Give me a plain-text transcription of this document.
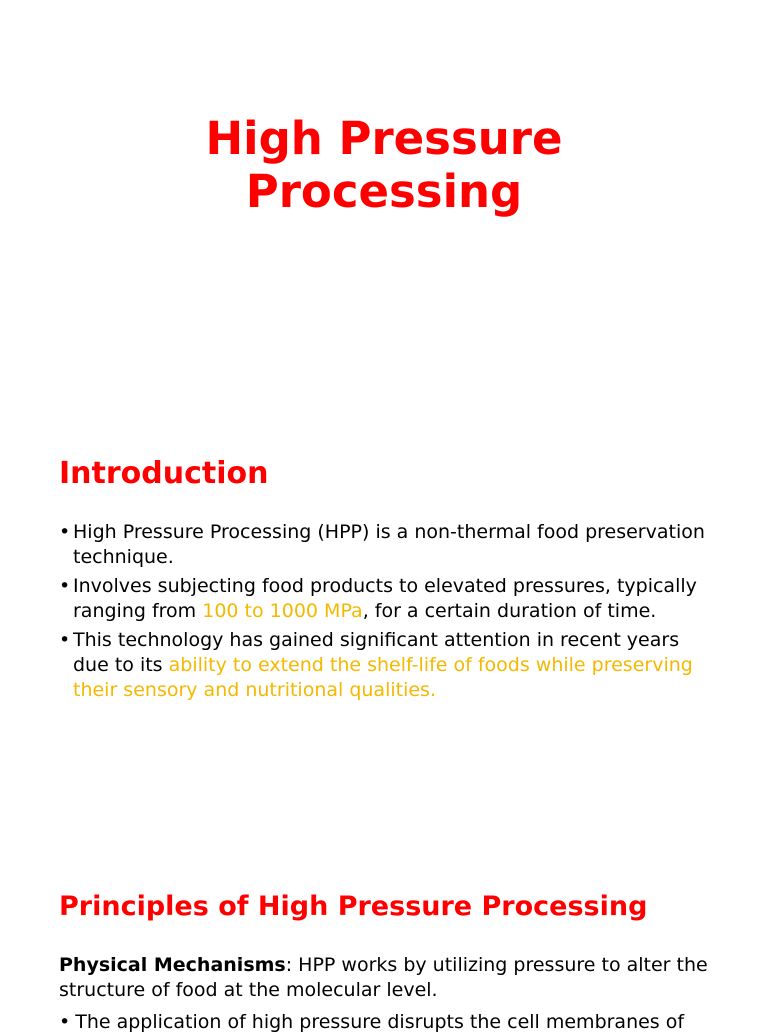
High Pressure
Processing
Introduction
• High Pressure Processing (HPP) is a non-thermal food preservation technique.
• Involves subjecting food products to elevated pressures, typically ranging from 100 to 1000 MPa, for a certain duration of time.
• This technology has gained significant attention in recent years due to its ability to extend the shelf-life of foods while preserving their sensory and nutritional qualities.
Principles of High Pressure Processing

Physical Mechanisms: HPP works by utilizing pressure to alter the structure of food at the molecular level.

• The application of high pressure disrupts the cell membranes of
